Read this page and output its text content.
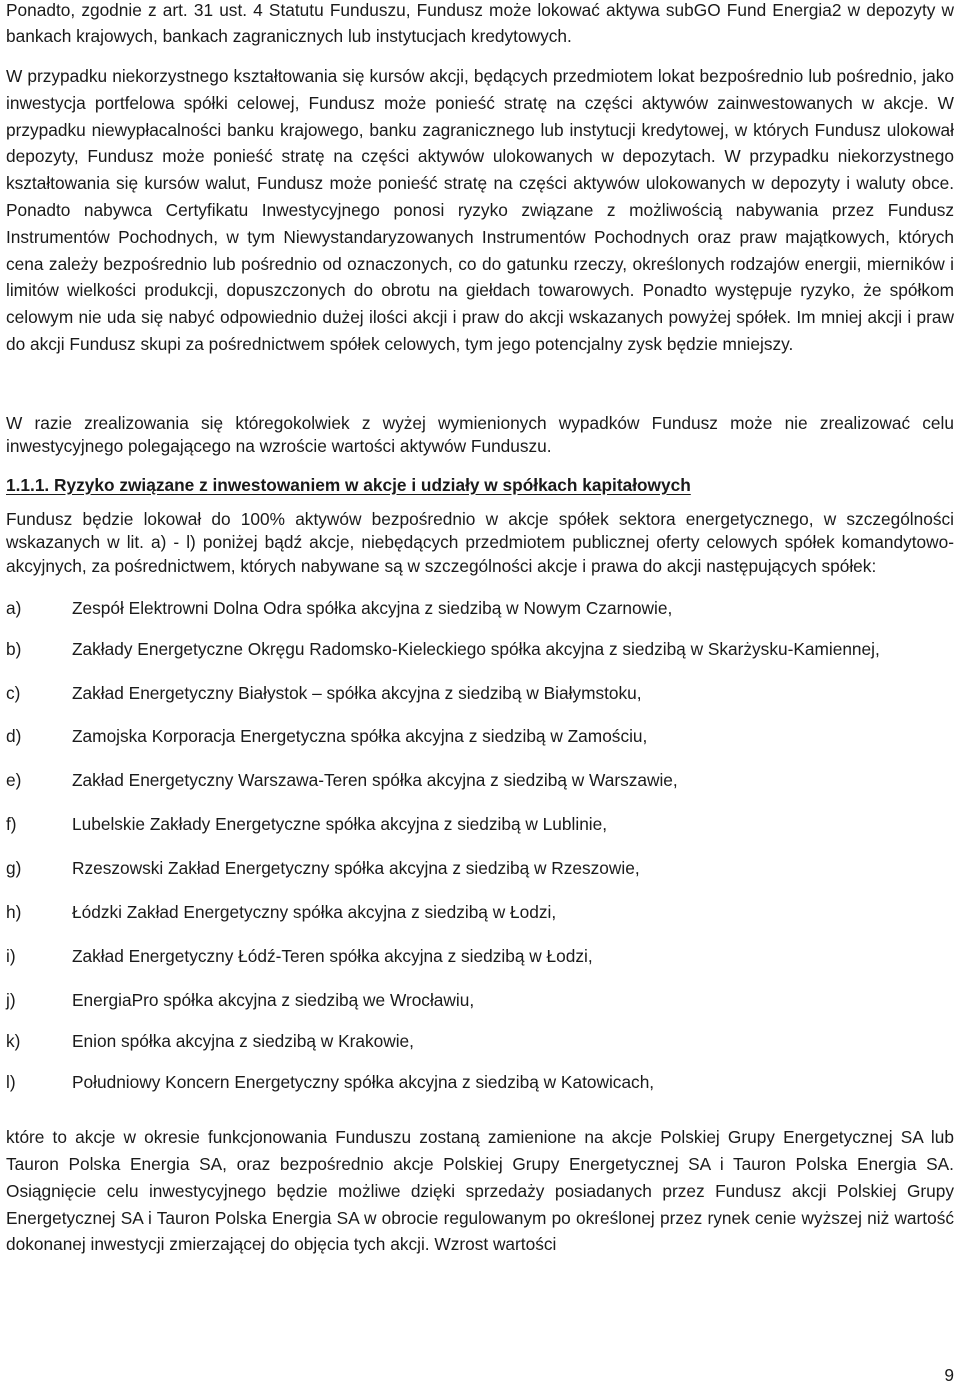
Ponadto, zgodnie z art. 31 ust. 4 Statutu Funduszu, Fundusz może lokować aktywa subGO Fund Energia2 w depozyty w bankach krajowych, bankach zagranicznych lub instytucjach kredytowych.

W przypadku niekorzystnego kształtowania się kursów akcji, będących przedmiotem lokat bezpośrednio lub pośrednio, jako inwestycja portfelowa spółki celowej, Fundusz może ponieść stratę na części aktywów zainwestowanych w akcje. W przypadku niewypłacalności banku krajowego, banku zagranicznego lub instytucji kredytowej, w których Fundusz ulokował depozyty, Fundusz może ponieść stratę na części aktywów ulokowanych w depozytach. W przypadku niekorzystnego kształtowania się kursów walut, Fundusz może ponieść stratę na części aktywów ulokowanych w depozyty i waluty obce. Ponadto nabywca Certyfikatu Inwestycyjnego ponosi ryzyko związane z możliwością nabywania przez Fundusz Instrumentów Pochodnych, w tym Niewystandaryzowanych Instrumentów Pochodnych oraz praw majątkowych, których cena zależy bezpośrednio lub pośrednio od oznaczonych, co do gatunku rzeczy, określonych rodzajów energii, mierników i limitów wielkości produkcji, dopuszczonych do obrotu na giełdach towarowych. Ponadto występuje ryzyko, że spółkom celowym nie uda się nabyć odpowiednio dużej ilości akcji i praw do akcji wskazanych powyżej spółek. Im mniej akcji i praw do akcji Fundusz skupi za pośrednictwem spółek celowych, tym jego potencjalny zysk będzie mniejszy.

W razie zrealizowania się któregokolwiek z wyżej wymienionych wypadków Fundusz może nie zrealizować celu inwestycyjnego polegającego na wzroście wartości aktywów Funduszu.

1.1.1. Ryzyko związane z inwestowaniem w akcje i udziały w spółkach kapitałowych

Fundusz będzie lokował do 100% aktywów bezpośrednio w akcje spółek sektora energetycznego, w szczególności wskazanych w lit. a) - l) poniżej bądź akcje, niebędących przedmiotem publicznej oferty celowych spółek komandytowo-akcyjnych, za pośrednictwem, których nabywane są w szczególności akcje i prawa do akcji następujących spółek:

a)	Zespół Elektrowni Dolna Odra spółka akcyjna z siedzibą w Nowym Czarnowie,
b)	Zakłady Energetyczne Okręgu Radomsko-Kieleckiego spółka akcyjna z siedzibą w Skarżysku-Kamiennej,
c)	Zakład Energetyczny Białystok – spółka akcyjna z siedzibą w Białymstoku,
d)	Zamojska Korporacja Energetyczna spółka akcyjna z siedzibą w Zamościu,
e)	Zakład Energetyczny Warszawa-Teren spółka akcyjna z siedzibą w Warszawie,
f)	Lubelskie Zakłady Energetyczne spółka akcyjna z siedzibą w Lublinie,
g)	Rzeszowski Zakład Energetyczny spółka akcyjna z siedzibą w Rzeszowie,
h)	Łódzki Zakład Energetyczny spółka akcyjna z siedzibą w Łodzi,
i)	Zakład Energetyczny Łódź-Teren spółka akcyjna z siedzibą w Łodzi,
j)	EnergiaPro spółka akcyjna z siedzibą we Wrocławiu,
k)	Enion spółka akcyjna z siedzibą w Krakowie,
l)	Południowy Koncern Energetyczny spółka akcyjna z siedzibą w Katowicach,

które to akcje w okresie funkcjonowania Funduszu zostaną zamienione na akcje Polskiej Grupy Energetycznej SA lub Tauron Polska Energia SA, oraz bezpośrednio akcje Polskiej Grupy Energetycznej SA i Tauron Polska Energia SA. Osiągnięcie celu inwestycyjnego będzie możliwe dzięki sprzedaży posiadanych przez Fundusz akcji Polskiej Grupy Energetycznej SA i Tauron Polska Energia SA w obrocie regulowanym po określonej przez rynek cenie wyższej niż wartość dokonanej inwestycji zmierzającej do objęcia tych akcji. Wzrost wartości

9
